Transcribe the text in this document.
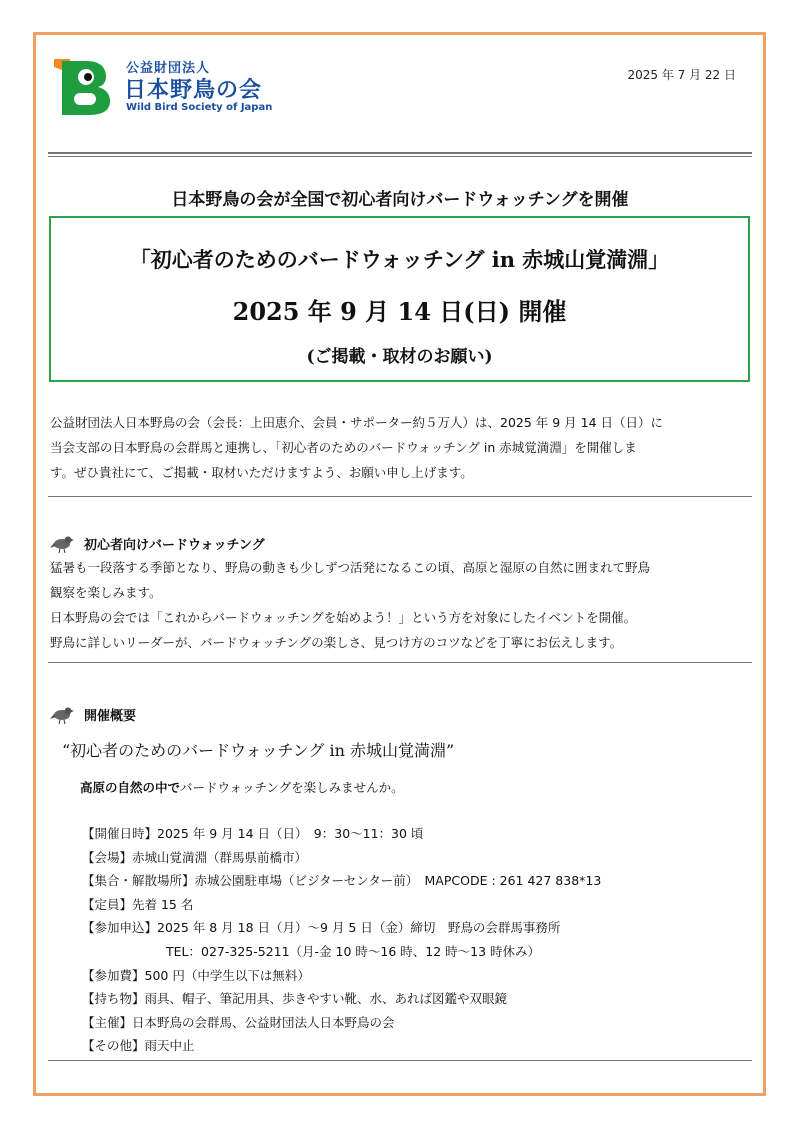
公益財団法人
日本野鳥の会
Wild Bird Society of Japan
2025 年 7 月 22 日
日本野鳥の会が全国で初心者向けバードウォッチングを開催
「初心者のためのバードウォッチング in 赤城山覚満淵」
2025 年 9 月 14 日(日) 開催
(ご掲載・取材のお願い)
公益財団法人日本野鳥の会（会長：上田恵介、会員・サポーター約５万人）は、2025 年 9 月 14 日（日）に
当会支部の日本野鳥の会群馬と連携し、「初心者のためのバードウォッチング in 赤城覚満淵」を開催しま
す。ぜひ貴社にて、ご掲載・取材いただけますよう、お願い申し上げます。
初心者向けバードウォッチング
猛暑も一段落する季節となり、野鳥の動きも少しずつ活発になるこの頃、高原と湿原の自然に囲まれて野鳥
観察を楽しみます。
日本野鳥の会では「これからバードウォッチングを始めよう！」という方を対象にしたイベントを開催。
野鳥に詳しいリーダーが、バードウォッチングの楽しさ、見つけ方のコツなどを丁寧にお伝えします。
開催概要
“初心者のためのバードウォッチング in 赤城山覚満淵”
高原の自然の中でバードウォッチングを楽しみませんか。
【開催日時】2025 年 9 月 14 日（日）　9：30〜11：30 頃
【会場】赤城山覚満淵（群馬県前橋市）
【集合・解散場所】赤城公園駐車場（ビジターセンター前）　MAPCODE : 261 427 838*13
【定員】先着 15 名
【参加申込】2025 年 8 月 18 日（月）〜9 月 5 日（金）締切　野鳥の会群馬事務所
TEL：027-325-5211（月-金 10 時〜16 時、12 時〜13 時休み）
【参加費】500 円（中学生以下は無料）
【持ち物】雨具、帽子、筆記用具、歩きやすい靴、水、あれば図鑑や双眼鏡
【主催】日本野鳥の会群馬、公益財団法人日本野鳥の会
【その他】雨天中止
